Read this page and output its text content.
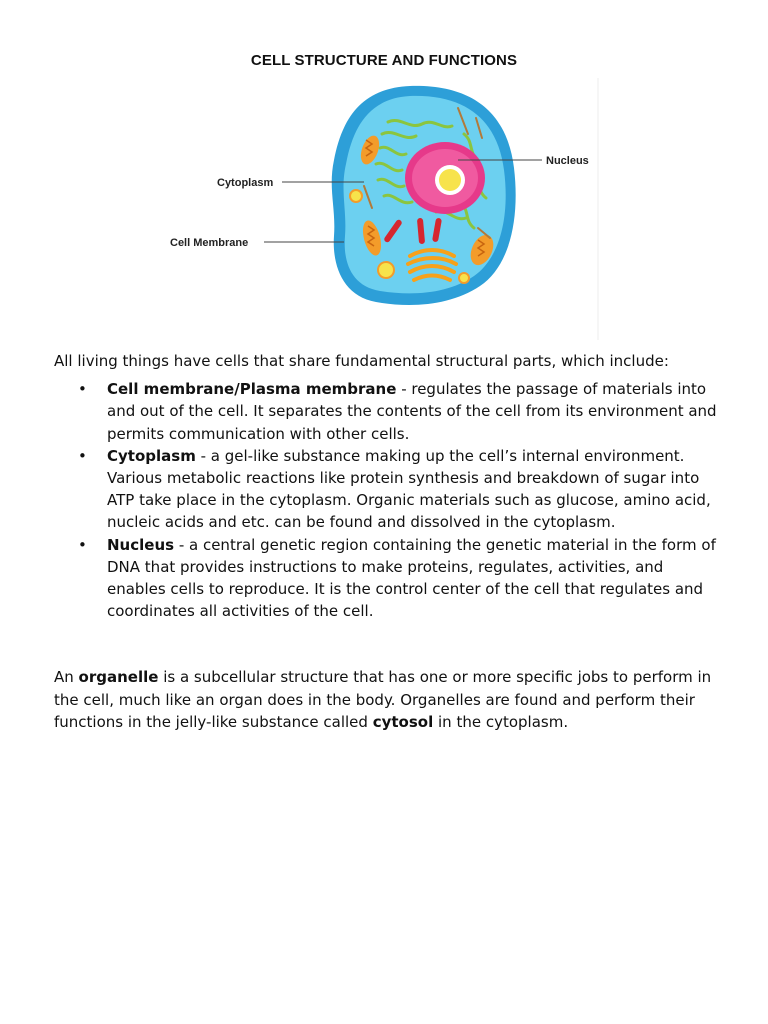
CELL STRUCTURE AND FUNCTIONS
Nucleus
Cytoplasm
Cell Membrane

All living things have cells that share fundamental structural parts, which include:

• Cell membrane/Plasma membrane - regulates the passage of materials into and out of the cell. It separates the contents of the cell from its environment and permits communication with other cells.
• Cytoplasm - a gel-like substance making up the cell’s internal environment. Various metabolic reactions like protein synthesis and breakdown of sugar into ATP take place in the cytoplasm. Organic materials such as glucose, amino acid, nucleic acids and etc. can be found and dissolved in the cytoplasm.
• Nucleus - a central genetic region containing the genetic material in the form of DNA that provides instructions to make proteins, regulates, activities, and enables cells to reproduce. It is the control center of the cell that regulates and coordinates all activities of the cell.

An organelle is a subcellular structure that has one or more specific jobs to perform in the cell, much like an organ does in the body. Organelles are found and perform their functions in the jelly-like substance called cytosol in the cytoplasm.
